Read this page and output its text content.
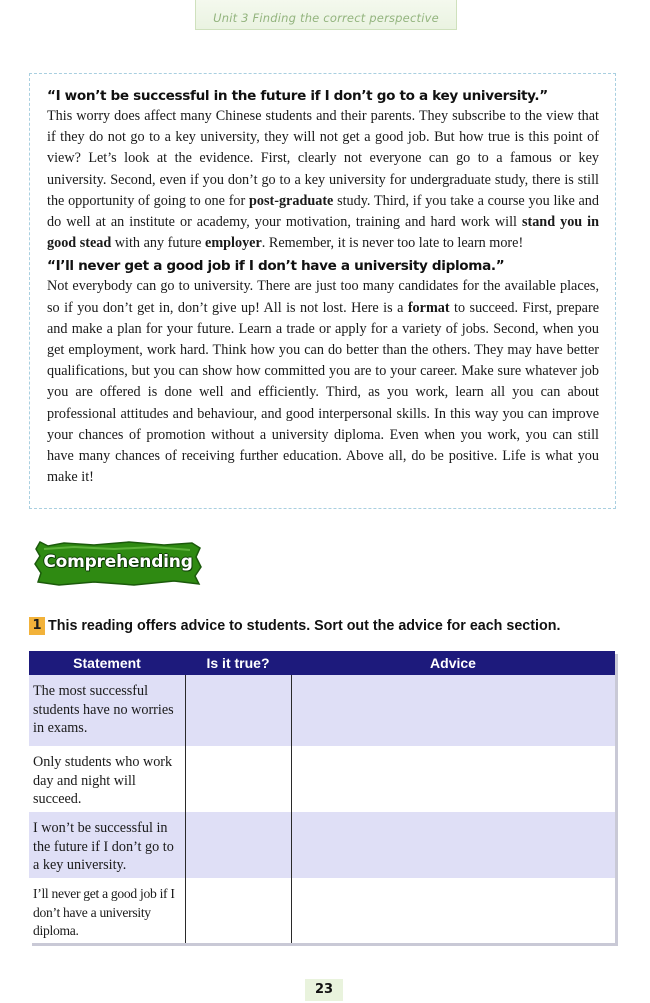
Unit 3 Finding the correct perspective

“I won’t be successful in the future if I don’t go to a key university.”

This worry does affect many Chinese students and their parents. They subscribe to the view that if they do not go to a key university, they will not get a good job. But how true is this point of view? Let’s look at the evidence. First, clearly not everyone can go to a famous or key university. Second, even if you don’t go to a key university for undergraduate study, there is still the opportunity of going to one for post-graduate study. Third, if you take a course you like and do well at an institute or academy, your motivation, training and hard work will stand you in good stead with any future employer. Remember, it is never too late to learn more!

“I’ll never get a good job if I don’t have a university diploma.”

Not everybody can go to university. There are just too many candidates for the available places, so if you don’t get in, don’t give up! All is not lost. Here is a format to succeed. First, prepare and make a plan for your future. Learn a trade or apply for a variety of jobs. Second, when you get employment, work hard. Think how you can do better than the others. They may have better qualifications, but you can show how committed you are to your career. Make sure whatever job you are offered is done well and efficiently. Third, as you work, learn all you can about professional attitudes and behaviour, and good interpersonal skills. In this way you can improve your chances of promotion without a university diploma. Even when you work, you can still have many chances of receiving further education. Above all, do be positive. Life is what you make it!

Comprehending
1 This reading offers advice to students. Sort out the advice for each section.
Statement	Is it true?	Advice
The most successful students have no worries in exams.		
Only students who work day and night will succeed.		
I won’t be successful in the future if I don’t go to a key university.		
I’ll never get a good job if I don’t have a university diploma.		
23
